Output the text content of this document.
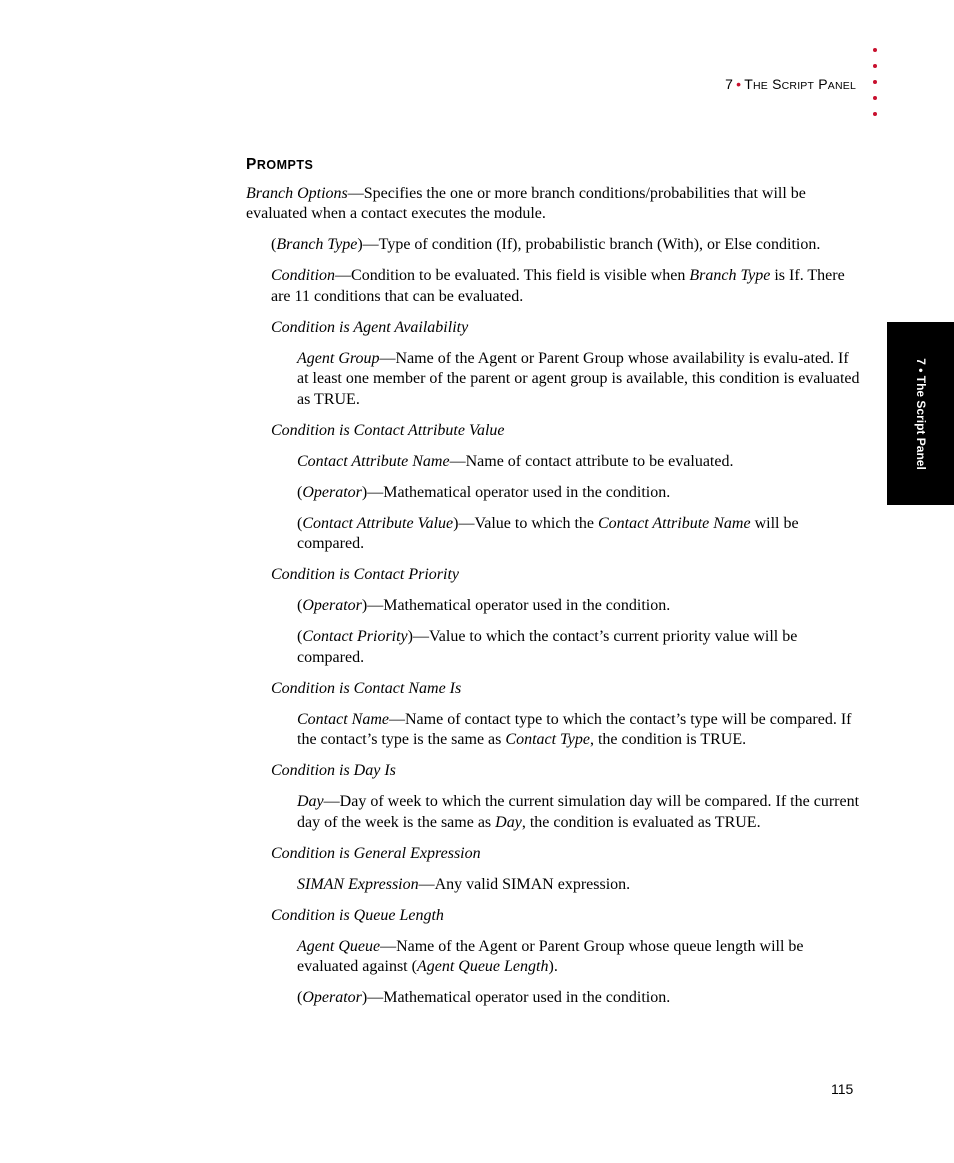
7 • THE SCRIPT PANEL
7 • The Script Panel
PROMPTS

Branch Options—Specifies the one or more branch conditions/probabilities that will be evaluated when a contact executes the module.

(Branch Type)—Type of condition (If), probabilistic branch (With), or Else condition.

Condition—Condition to be evaluated. This field is visible when Branch Type is If. There are 11 conditions that can be evaluated.

Condition is Agent Availability

Agent Group—Name of the Agent or Parent Group whose availability is evalu-ated. If at least one member of the parent or agent group is available, this condition is evaluated as TRUE.

Condition is Contact Attribute Value

Contact Attribute Name—Name of contact attribute to be evaluated.

(Operator)—Mathematical operator used in the condition.

(Contact Attribute Value)—Value to which the Contact Attribute Name will be compared.

Condition is Contact Priority

(Operator)—Mathematical operator used in the condition.

(Contact Priority)—Value to which the contact’s current priority value will be compared.

Condition is Contact Name Is

Contact Name—Name of contact type to which the contact’s type will be compared. If the contact’s type is the same as Contact Type, the condition is TRUE.

Condition is Day Is

Day—Day of week to which the current simulation day will be compared. If the current day of the week is the same as Day, the condition is evaluated as TRUE.

Condition is General Expression

SIMAN Expression—Any valid SIMAN expression.

Condition is Queue Length

Agent Queue—Name of the Agent or Parent Group whose queue length will be evaluated against (Agent Queue Length).

(Operator)—Mathematical operator used in the condition.

115
